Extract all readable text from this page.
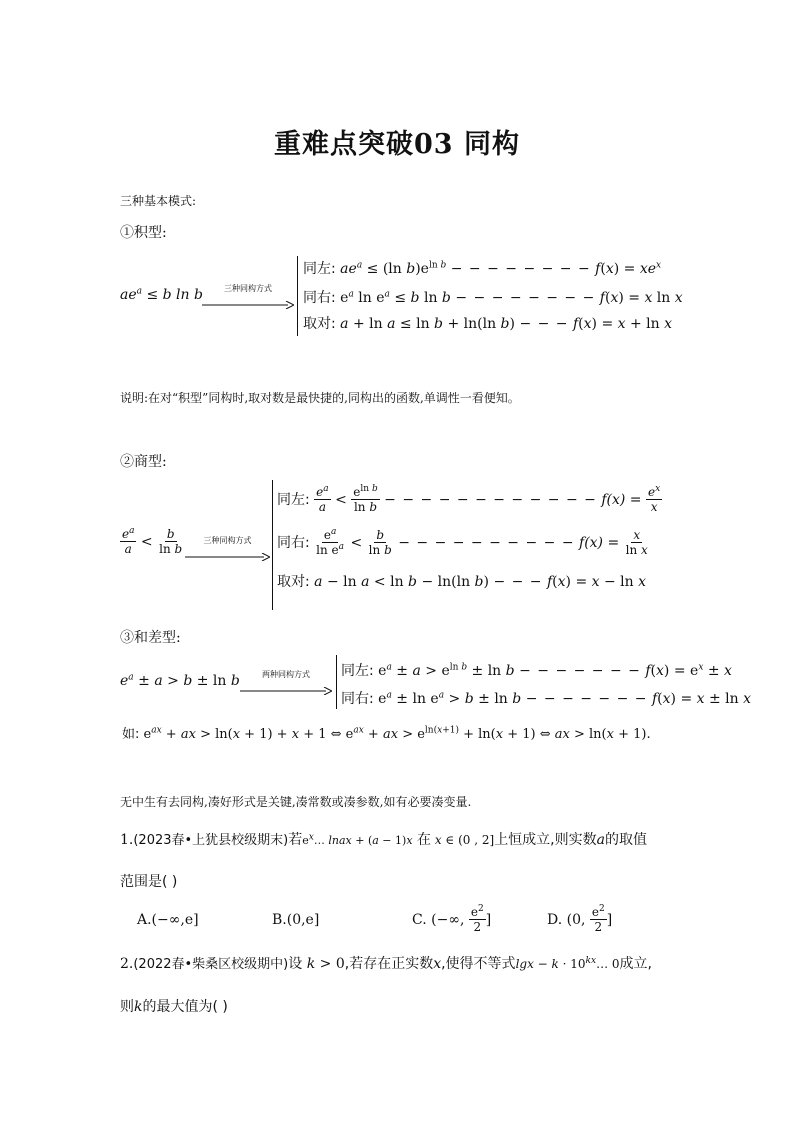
重难点突破03 同构
三种基本模式:
①积型:
$ae^a \le b$ ln b	三种同构方式
同左: $ae^a \le (\ln$ $b)e^{ln b}$ − − − − − − − − $f(x) = xe^x$
同右: $e^a$ $\ln e^a \le b$ ln b − − − − − − − − f(x) = x ln x
取对: a + ln a ≤ ln b + ln(ln b) − − − f(x) = x + ln x
说明:在对“积型”同构时,取对数是最快捷的,同构出的函数,单调性一看便知。
②商型:
$\frac{e^a}{a} < \frac{b}{\text{ln b}}$	三种同构方式
同左: $\frac{e^a}{a} < \frac{e^{ln b}}{\text{ln b}}$ − − − − − − − − − − − − $f(x) = \frac{e^x}{x}$
同右: $\frac{e^a}{\ln e^a} < \frac{b}{\text{ln b}}$ − − − − − − − − − − $f(x) = \frac{x}{\text{ln x}}$
取对: a − ln a < ln b − ln(ln b) − − − f(x) = x − ln x
③和差型:
$e^a \pm a > b \pm \ln b$	两种同构方式	同左: $e^a \pm a > e^{ln b} \pm \ln b$ − − − − − − − $f(x) = e^x \pm x$
同右: $e^a \pm \ln e^a > b \pm \ln b$ − − − − − − − f(x) = x ± ln x
如: $e^{ax}$ + ax > ln(x + 1) + x + 1 ⇔ $e^{ax}$ + ax > $e^{ln(x+1)} + \ln(x + 1)$ ⇔ ax > ln(x + 1).
无中生有去同构,凑好形式是关键,凑常数或凑参数,如有必要凑变量.
1.(2023春•上犹县校级期末)若$e^x\dots$ lnax + (a − 1)x 在 x ∈ (0 , 2]上恒成立,则实数a的取值
范围是( )
A.(−∞,e]	B.(0,e]	C. (−∞, $\frac{e^2}{2}$ ]	D. (0, $\frac{e^2}{2}$ ]
2.(2022春•柴桑区校级期中)设 k > 0,若存在正实数x,使得不等式$\lg x - k \cdot 10^{kx}\dots$ 0成立,
则k的最大值为( )
